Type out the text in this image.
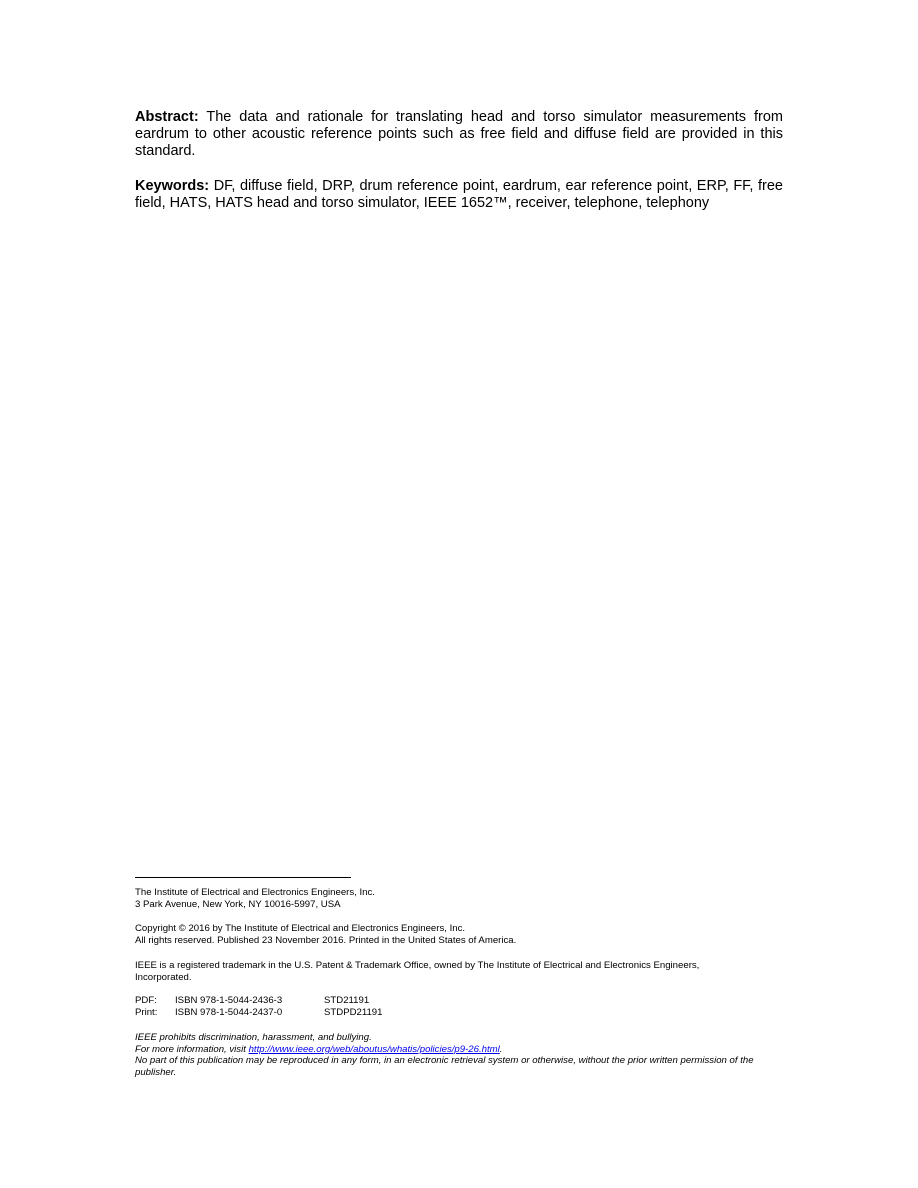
Abstract: The data and rationale for translating head and torso simulator measurements from eardrum to other acoustic reference points such as free field and diffuse field are provided in this standard.
Keywords: DF, diffuse field, DRP, drum reference point, eardrum, ear reference point, ERP, FF, free field, HATS, HATS head and torso simulator, IEEE 1652™, receiver, telephone, telephony

The Institute of Electrical and Electronics Engineers, Inc.

3 Park Avenue, New York, NY 10016-5997, USA

Copyright © 2016 by The Institute of Electrical and Electronics Engineers, Inc.

All rights reserved. Published 23 November 2016. Printed in the United States of America.

IEEE is a registered trademark in the U.S. Patent & Trademark Office, owned by The Institute of Electrical and Electronics Engineers, Incorporated.

PDF:	ISBN 978-1-5044-2436-3	STD21191
Print:	ISBN 978-1-5044-2437-0	STDPD21191

IEEE prohibits discrimination, harassment, and bullying.

For more information, visit http://www.ieee.org/web/aboutus/whatis/policies/p9-26.html.

No part of this publication may be reproduced in any form, in an electronic retrieval system or otherwise, without the prior written permission of the publisher.
